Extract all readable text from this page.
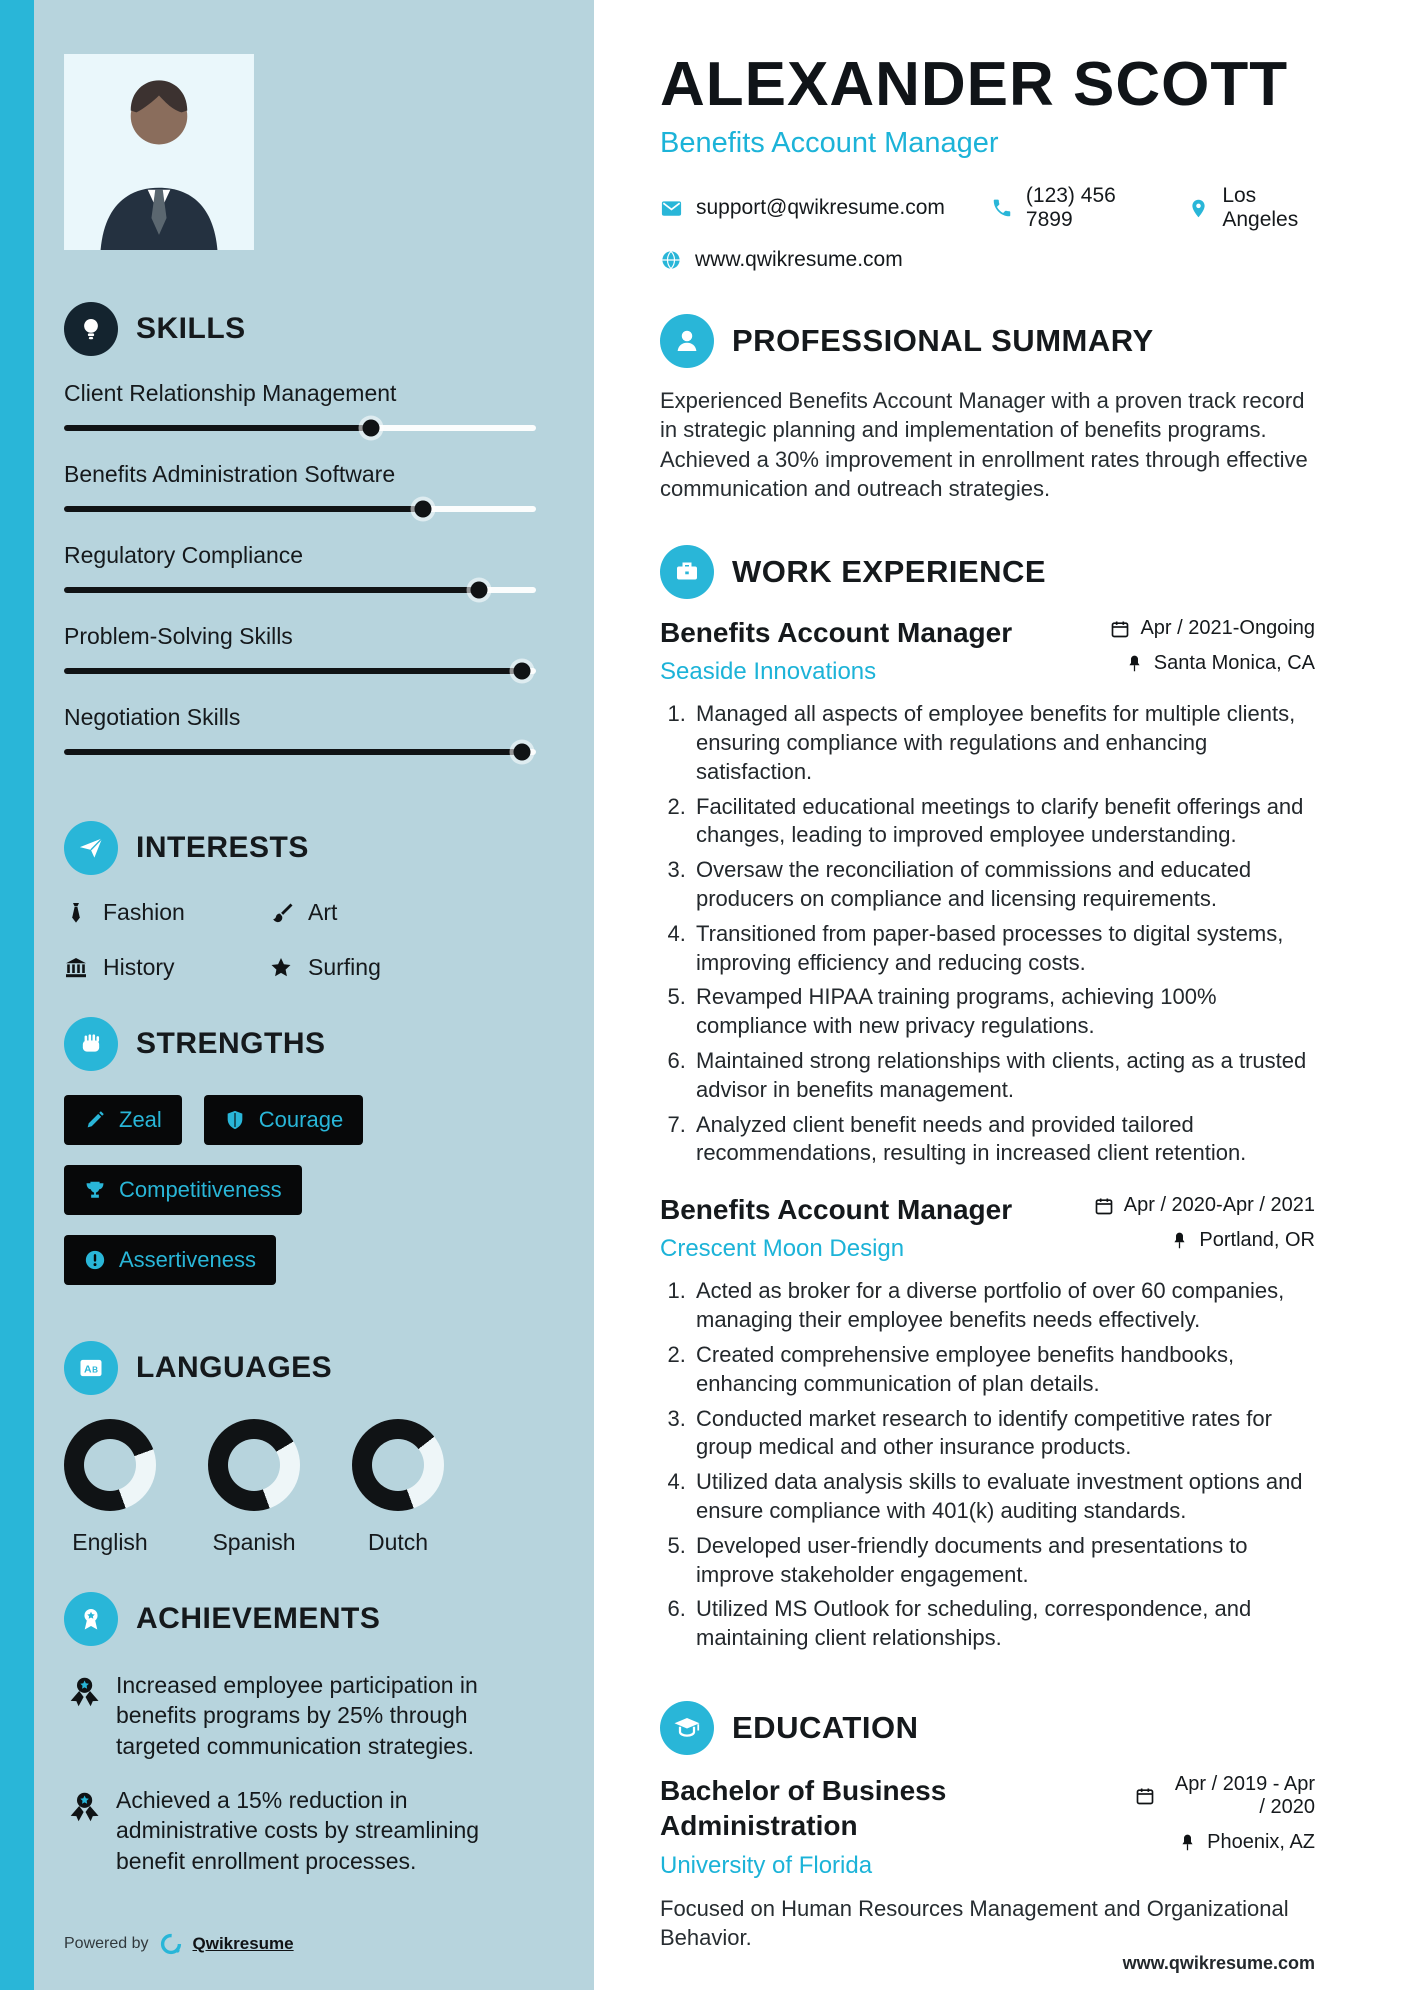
SKILLS
Client Relationship Management
Benefits Administration Software
Regulatory Compliance
Problem-Solving Skills
Negotiation Skills
INTERESTS
Fashion	Art
History	Surfing
STRENGTHS
Zeal	Courage
Competitiveness
Assertiveness
A B LANGUAGES
English	Spanish	Dutch
ACHIEVEMENTS

Increased employee participation in benefits programs by 25% through targeted communication strategies.

Achieved a 15% reduction in administrative costs by streamlining benefit enrollment processes.

Powered by	Qwikresume
ALEXANDER SCOTT
Benefits Account Manager
support@qwikresume.com
(123) 456 7899
Los Angeles
www.qwikresume.com
PROFESSIONAL SUMMARY

Experienced Benefits Account Manager with a proven track record in strategic planning and implementation of benefits programs. Achieved a 30% improvement in enrollment rates through effective communication and outreach strategies.

WORK EXPERIENCE
Benefits Account Manager
Seaside Innovations
Apr / 2021-Ongoing
Santa Monica, CA
1. Managed all aspects of employee benefits for multiple clients, ensuring compliance with regulations and enhancing satisfaction.
2. Facilitated educational meetings to clarify benefit offerings and changes, leading to improved employee understanding.
3. Oversaw the reconciliation of commissions and educated producers on compliance and licensing requirements.
4. Transitioned from paper-based processes to digital systems, improving efficiency and reducing costs.
5. Revamped HIPAA training programs, achieving 100% compliance with new privacy regulations.
6. Maintained strong relationships with clients, acting as a trusted advisor in benefits management.
7. Analyzed client benefit needs and provided tailored recommendations, resulting in increased client retention.
Benefits Account Manager
Crescent Moon Design
Apr / 2020-Apr / 2021
Portland, OR
1. Acted as broker for a diverse portfolio of over 60 companies, managing their employee benefits needs effectively.
2. Created comprehensive employee benefits handbooks, enhancing communication of plan details.
3. Conducted market research to identify competitive rates for group medical and other insurance products.
4. Utilized data analysis skills to evaluate investment options and ensure compliance with 401(k) auditing standards.
5. Developed user-friendly documents and presentations to improve stakeholder engagement.
6. Utilized MS Outlook for scheduling, correspondence, and maintaining client relationships.
EDUCATION
Bachelor of Business Administration
University of Florida
Apr / 2019 - Apr / 2020
Phoenix, AZ

Focused on Human Resources Management and Organizational Behavior.

www.qwikresume.com
